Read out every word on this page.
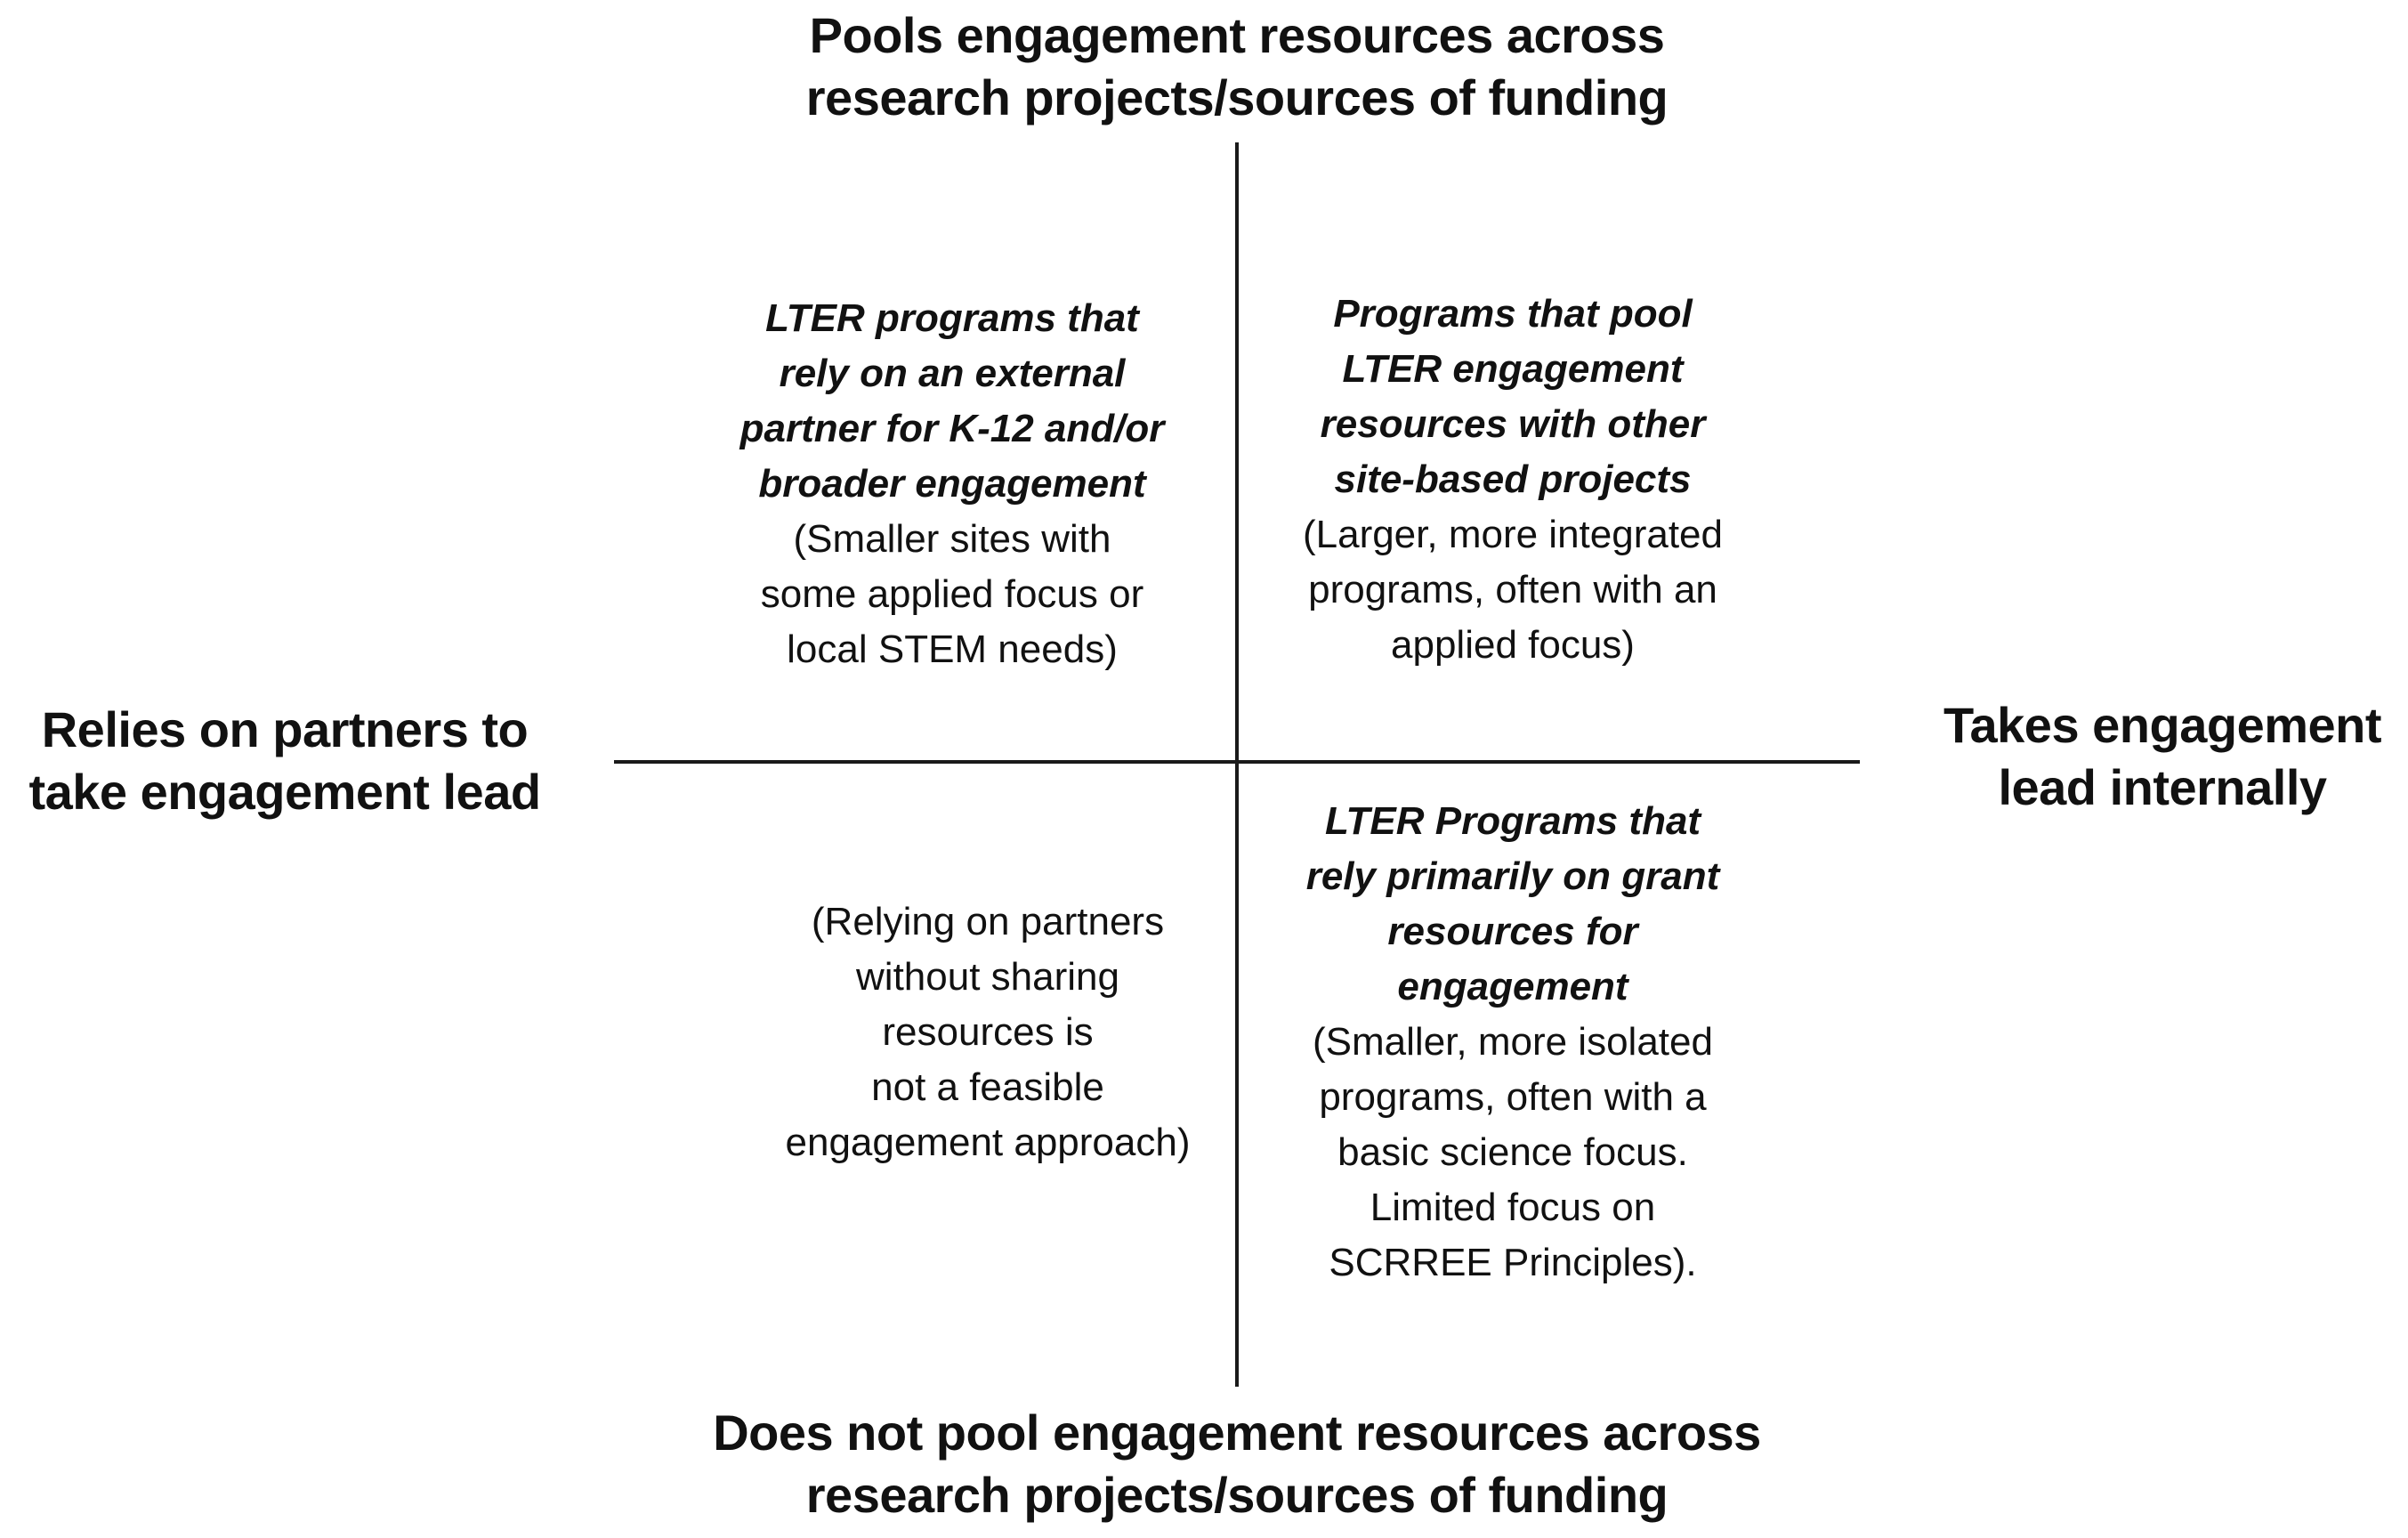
Pools engagement resources across
research projects/sources of funding
Does not pool engagement resources across
research projects/sources of funding
Relies on partners to
take engagement lead
Takes engagement
lead internally
LTER programs that
rely on an external
partner for K-12 and/or
broader engagement
(Smaller sites with
some applied focus or
local STEM needs)
Programs that pool
LTER engagement
resources with other
site-based projects
(Larger, more integrated
programs, often with an
applied focus)
(Relying on partners
without sharing
resources is
not a feasible
engagement approach)
LTER Programs that
rely primarily on grant
resources for
engagement
(Smaller, more isolated
programs, often with a
basic science focus.
Limited focus on
SCRREE Principles).
